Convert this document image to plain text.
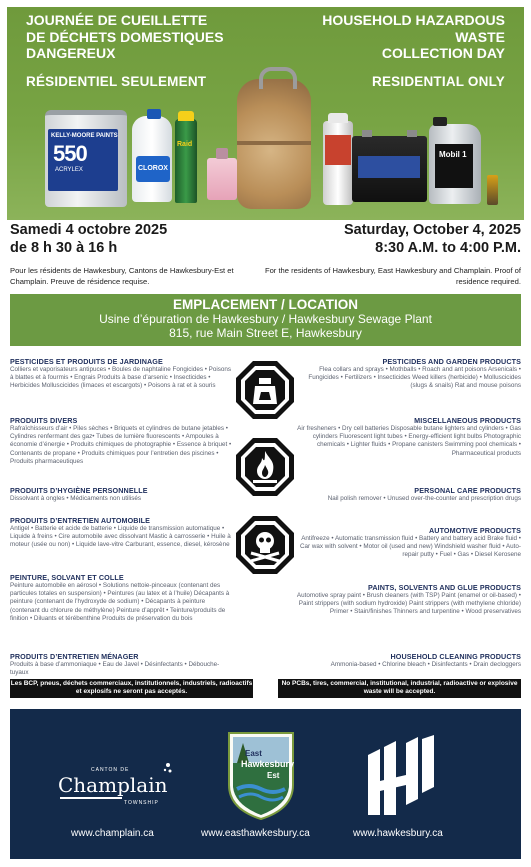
JOURNÉE DE CUEILLETTE
DE DÉCHETS DOMESTIQUES
DANGEREUX
HOUSEHOLD HAZARDOUS
WASTE
COLLECTION DAY
RÉSIDENTIEL SEULEMENT	RESIDENTIAL ONLY
KELLY-MOORE PAINTS
550
ACRYLEX	CLOROX
Raid
Mobil 1
Samedi 4 octobre 2025
de 8 h 30 à 16 h
Saturday, October 4, 2025
8:30 A.M. to 4:00 P.M.
Pour les résidents de Hawkesbury, Cantons de Hawkesbury-Est et Champlain. Preuve de résidence requise.
For the residents of Hawkesbury, East Hawkesbury and Champlain. Proof of residence required.
EMPLACEMENT / LOCATION
Usine d’épuration de Hawkesbury / Hawkesbury Sewage Plant
815, rue Main Street E, Hawkesbury
PESTICIDES ET PRODUITS DE JARDINAGE
Colliers et vaporisateurs antipuces • Boules de naphtaline Fongicides • Poisons à blattes et à fourmis • Engrais Produits à base d’arsenic • Insecticides • Herbicides Molluscicides (limaces et escargots) • Poisons à rat et à souris
PRODUITS DIVERS
Rafraîchisseurs d’air • Piles sèches • Briquets et cylindres de butane jetables • Cylindres renfermant des gaz• Tubes de lumière fluorescents • Ampoules à économie d’énergie • Produits chimiques de photographie • Essence à briquet • Contenants de propane • Produits chimiques pour l’entretien des piscines • Produits pharmaceutiques
PRODUITS D’HYGIÈNE PERSONNELLE
Dissolvant à ongles • Médicaments non utilisés
PRODUITS D’ENTRETIEN AUTOMOBILE
Antigel • Batterie et acide de batterie • Liquide de transmission automatique • Liquide à freins • Cire automobile avec dissolvant Mastic à carrosserie • Huile à moteur (usée ou non) • Liquide lave-vitre Carburant, essence, diesel, kérosène
PEINTURE, SOLVANT ET COLLE
Peinture automobile en aérosol • Solutions nettoie-pinceaux (contenant des particules totales en suspension) • Peintures (au latex et à l’huile) Décapants à peinture (contenant de l’hydroxyde de sodium) • Décapants à peinture (contenant du chlorure de méthylène) Peinture d’apprêt • Teinture/produits de finition • Diluants et térébenthine Produits de préservation du bois
PRODUITS D’ENTRETIEN MÉNAGER
Produits à base d’ammoniaque • Eau de Javel • Désinfectants • Débouche-tuyaux
PESTICIDES AND GARDEN PRODUCTS
Flea collars and sprays • Mothballs • Roach and ant poisons Arsenicals • Fungicides • Fertilizers • Insecticides Weed killers (herbicide) • Molluscicides (slugs & snails) Rat and mouse poisons
MISCELLANEOUS PRODUCTS
Air fresheners • Dry cell batteries Disposable butane lighters and cylinders • Gas cylinders Fluorescent light tubes • Energy-efficient light bulbs Photographic chemicals • Lighter fluids • Propane canisters Swimming pool chemicals • Pharmaceutical products
PERSONAL CARE PRODUCTS
Nail polish remover • Unused over-the-counter and prescription drugs
AUTOMOTIVE PRODUCTS
Antifreeze • Automatic transmission fluid • Battery and battery acid Brake fluid • Car wax with solvent • Motor oil (used and new) Windshield washer fluid • Auto-repair putty • Fuel • Gas • Diesel Kerosene
PAINTS, SOLVENTS AND GLUE PRODUCTS
Automotive spray paint • Brush cleaners (with TSP) Paint (enamel or oil-based) • Paint strippers (with sodium hydroxide) Paint strippers (with methylene chloride) Primer • Stain/finishes Thinners and turpentine • Wood preservatives
HOUSEHOLD CLEANING PRODUCTS
Ammonia-based • Chlorine bleach • Disinfectants • Drain decloggers
Les BCP, pneus, déchets commerciaux, institutionnels, industriels, radioactifs et explosifs ne seront pas acceptés.
No PCBs, tires, commercial, institutional, industrial, radioactive or explosive waste will be accepted.
CANTON DE
Champlain
TOWNSHIP
East
Hawkesbury
Est
www.champlain.ca	www.easthawkesbury.ca	www.hawkesbury.ca
